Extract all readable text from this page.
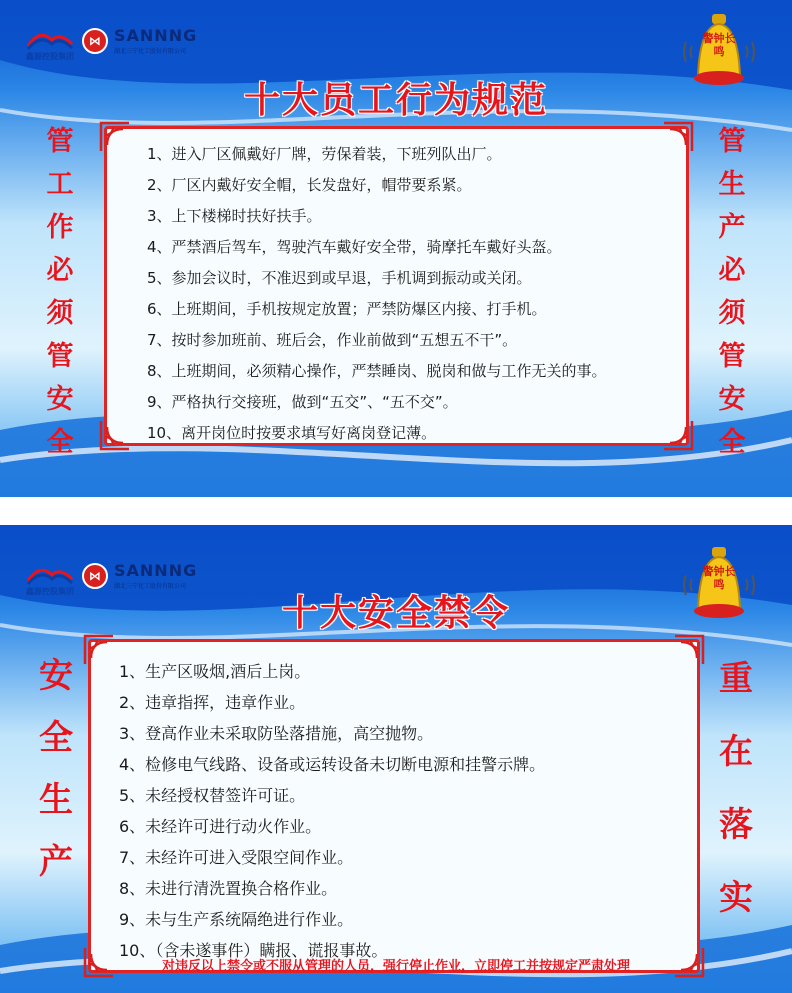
鑫源控股集团
⋈ SANNNG
湖北三宁化工股份有限公司
警钟长鸣
十大员工行为规范
管
工
作
必
须
管
安
全
管
生
产
必
须
管
安
全
1、进入厂区佩戴好厂牌，劳保着装，下班列队出厂。
2、厂区内戴好安全帽，长发盘好，帽带要系紧。
3、上下楼梯时扶好扶手。
4、严禁酒后驾车，驾驶汽车戴好安全带，骑摩托车戴好头盔。
5、参加会议时，不准迟到或早退，手机调到振动或关闭。
6、上班期间，手机按规定放置；严禁防爆区内接、打手机。
7、按时参加班前、班后会，作业前做到“五想五不干”。
8、上班期间，必须精心操作，严禁睡岗、脱岗和做与工作无关的事。
9、严格执行交接班，做到“五交”、“五不交”。
10、离开岗位时按要求填写好离岗登记薄。
鑫源控股集团
⋈ SANNNG
湖北三宁化工股份有限公司
警钟长鸣
十大安全禁令
安
全
生
产
重
在
落
实
1、生产区吸烟,酒后上岗。
2、违章指挥，违章作业。
3、登高作业未采取防坠落措施，高空抛物。
4、检修电气线路、设备或运转设备未切断电源和挂警示牌。
5、未经授权替签许可证。
6、未经许可进行动火作业。
7、未经许可进入受限空间作业。
8、未进行清洗置换合格作业。
9、未与生产系统隔绝进行作业。
10、（含未遂事件）瞒报、谎报事故。
对违反以上禁令或不服从管理的人员，强行停止作业，立即停工并按规定严肃处理
